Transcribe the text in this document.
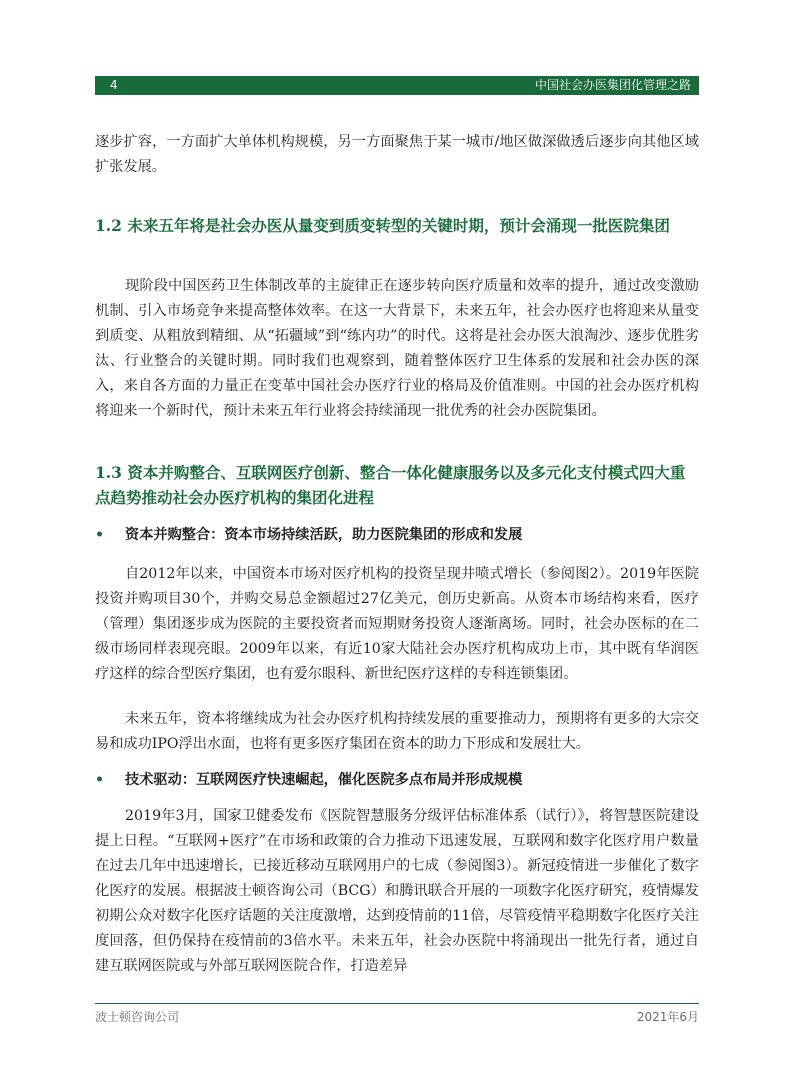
4	中国社会办医集团化管理之路

逐步扩容，一方面扩大单体机构规模，另一方面聚焦于某一城市/地区做深做透后逐步向其他区域扩张发展。

1.2 未来五年将是社会办医从量变到质变转型的关键时期，预计会涌现一批医院集团

现阶段中国医药卫生体制改革的主旋律正在逐步转向医疗质量和效率的提升，通过改变激励机制、引入市场竞争来提高整体效率。在这一大背景下，未来五年，社会办医疗也将迎来从量变到质变、从粗放到精细、从“拓疆域”到“练内功”的时代。这将是社会办医大浪淘沙、逐步优胜劣汰、行业整合的关键时期。同时我们也观察到，随着整体医疗卫生体系的发展和社会办医的深入，来自各方面的力量正在变革中国社会办医疗行业的格局及价值准则。中国的社会办医疗机构将迎来一个新时代，预计未来五年行业将会持续涌现一批优秀的社会办医院集团。

1.3 资本并购整合、互联网医疗创新、整合一体化健康服务以及多元化支付模式四大重点趋势推动社会办医疗机构的集团化进程
• 资本并购整合：资本市场持续活跃，助力医院集团的形成和发展

自2012年以来，中国资本市场对医疗机构的投资呈现井喷式增长（参阅图2）。2019年医院投资并购项目30个，并购交易总金额超过27亿美元，创历史新高。从资本市场结构来看，医疗（管理）集团逐步成为医院的主要投资者而短期财务投资人逐渐离场。同时，社会办医标的在二级市场同样表现亮眼。2009年以来，有近10家大陆社会办医疗机构成功上市，其中既有华润医疗这样的综合型医疗集团，也有爱尔眼科、新世纪医疗这样的专科连锁集团。

未来五年，资本将继续成为社会办医疗机构持续发展的重要推动力，预期将有更多的大宗交易和成功IPO浮出水面，也将有更多医疗集团在资本的助力下形成和发展壮大。

• 技术驱动：互联网医疗快速崛起，催化医院多点布局并形成规模

2019年3月，国家卫健委发布《医院智慧服务分级评估标准体系（试行）》，将智慧医院建设提上日程。“互联网+医疗”在市场和政策的合力推动下迅速发展，互联网和数字化医疗用户数量在过去几年中迅速增长，已接近移动互联网用户的七成（参阅图3）。新冠疫情进一步催化了数字化医疗的发展。根据波士顿咨询公司（BCG）和腾讯联合开展的一项数字化医疗研究，疫情爆发初期公众对数字化医疗话题的关注度激增，达到疫情前的11倍，尽管疫情平稳期数字化医疗关注度回落，但仍保持在疫情前的3倍水平。未来五年，社会办医院中将涌现出一批先行者，通过自建互联网医院或与外部互联网医院合作，打造差异

波士顿咨询公司	2021年6月
